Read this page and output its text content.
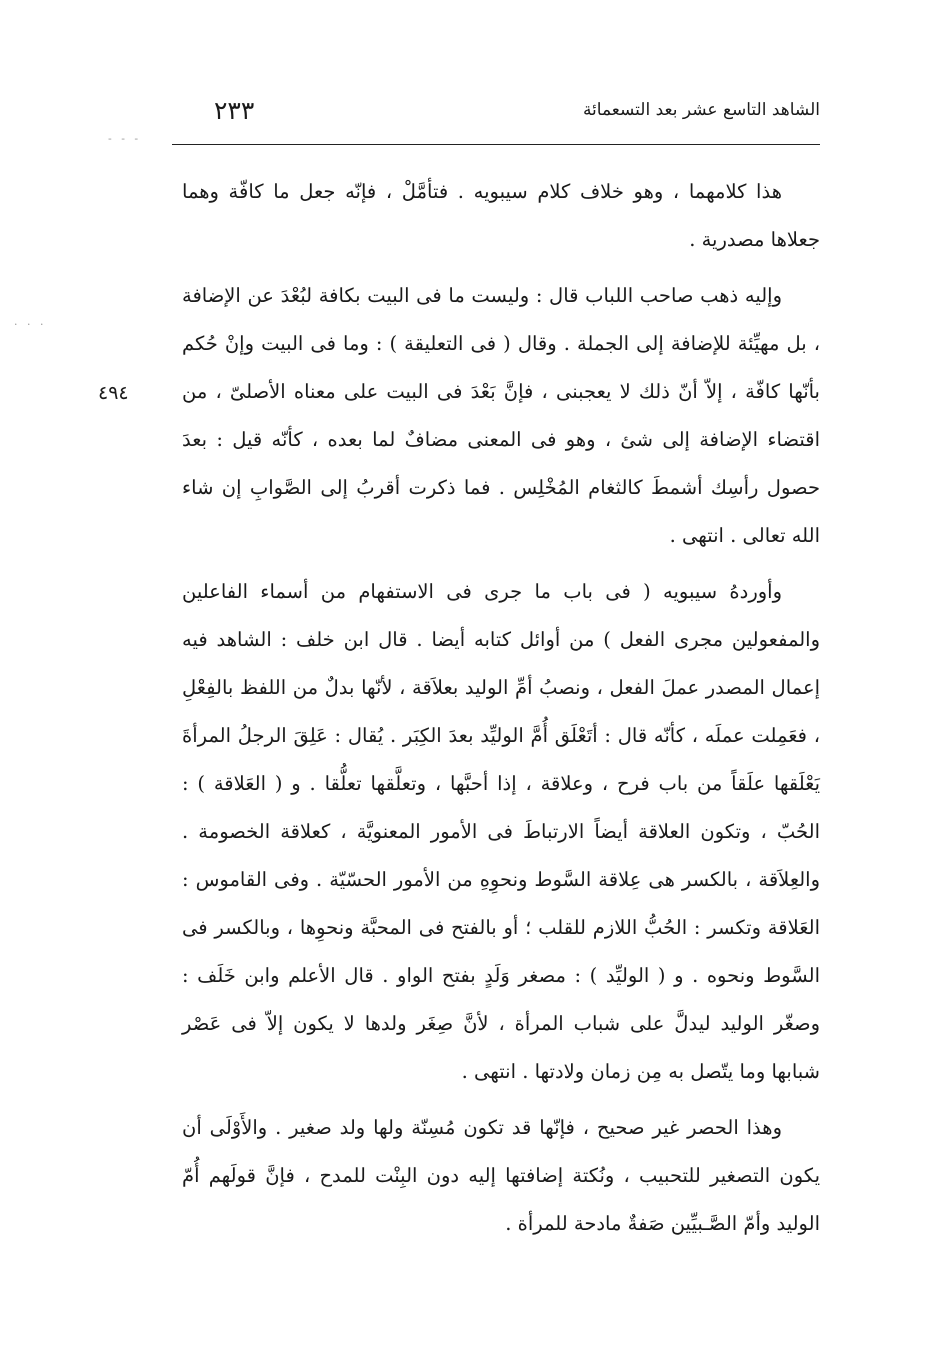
٢٣٣	الشاهد التاسع عشر بعد التسعمائة
- - -
· · ·
٤٩٤

هذا كلامهما ، وهو خلاف كلام سيبويه . فتأمَّلْ ، فإنّه جعل ما كافّة وهما جعلاها مصدرية .

وإليه ذهب صاحب اللباب قال : وليست ما فى البيت بكافة لبُعْدَ عن الإضافة ، بل مهيِّئة للإضافة إلى الجملة . وقال ( فى التعليقة ) : وما فى البيت وإنْ حُكم بأنّها كافّة ، إلاّ أنّ ذلك لا يعجبنى ، فإنَّ بَعْدَ فى البيت على معناه الأصلىّ ، من اقتضاء الإضافة إلى شئ ، وهو فى المعنى مضافٌ لما بعده ، كأنّه قيل : بعدَ حصول رأسِك أشمطَ كالثغام المُخْلِس . فما ذكرت أقربُ إلى الصَّوابِ إن شاء الله تعالى . انتهى .

وأوردهُ سيبويه ( فى باب ما جرى فى الاستفهام من أسماء الفاعلين والمفعولين مجرى الفعل ) من أوائل كتابه أيضا . قال ابن خلف : الشاهد فيه إعمال المصدر عملَ الفعل ، ونصبُ أمِّ الوليد بعلاَقة ، لأنّها بدلٌ من اللفظ بالفِعْلِ ، فعَمِلت عملَه ، كأنّه قال : أتَعْلَق أُمَّ الوليِّد بعدَ الكِبَر . يُقال : عَلِقَ الرجلُ المرأةَ يَعْلَقها علَقاً من باب فرح ، وعلاقة ، إذا أحبَّها ، وتعلَّقها تعلُّقا . و ( العَلاقة ) : الحُبّ ، وتكون العلاقة أيضاً الارتباطَ فى الأمور المعنويَّة ، كعلاقة الخصومة . والعِلاَقة ، بالكسر هى عِلاقة السَّوط ونحوِهِ من الأمور الحسّيّة . وفى القاموس : العَلاقة وتكسر : الحُبُّ اللازم للقلب ؛ أو بالفتح فى المحبَّة ونحوِها ، وبالكسر فى السَّوط ونحوه . و ( الوليِّد ) : مصغر وَلَدٍ بفتح الواو . قال الأعلم وابن خَلَف : وصغّر الوليد ليدلَّ على شباب المرأة ، لأنَّ صِغَر ولدها لا يكون إلاّ فى عَصْر شبابها وما يتّصل به مِن زمان ولادتها . انتهى .

وهذا الحصر غير صحيح ، فإنّها قد تكون مُسِنّة ولها ولد صغير . والأَوْلَى أن يكون التصغير للتحبيب ، ونُكتة إضافتها إليه دون البِنْت للمدح ، فإنَّ قولَهم أُمّ الوليد وأمّ الصَّـبيِّين صَفةٌ مادحة للمرأة .
